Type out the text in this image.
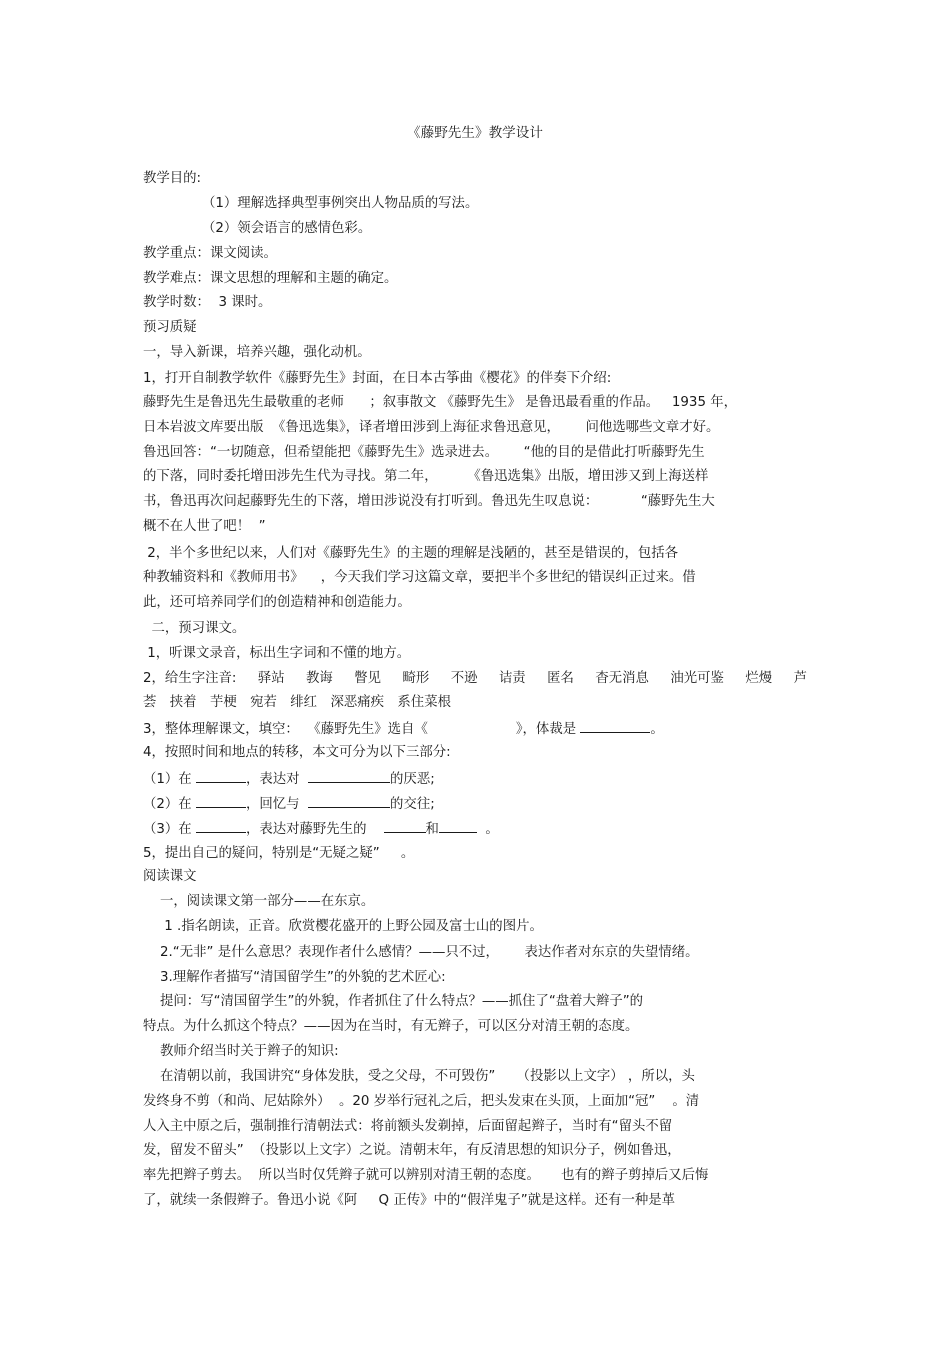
《藤野先生》教学设计
教学目的:
（1）理解选择典型事例突出人物品质的写法。
（2）领会语言的感情色彩。
教学重点：课文阅读。
教学难点：课文思想的理解和主题的确定。
教学时数：  3 课时。
预习质疑
一，导入新课，培养兴趣，强化动机。
1，打开自制教学软件《藤野先生》封面，在日本古筝曲《樱花》的伴奏下介绍:
藤野先生是鲁迅先生最敬重的老师      ；叙事散文 《藤野先生》 是鲁迅最看重的作品。   1935 年，
日本岩波文库要出版  《鲁迅选集》，译者增田涉到上海征求鲁迅意见，      问他选哪些文章才好。
鲁迅回答：“一切随意，但希望能把《藤野先生》选录进去。      “他的目的是借此打听藤野先生
的下落，同时委托增田涉先生代为寻找。第二年，       《鲁迅选集》出版，增田涉又到上海送样
书，鲁迅再次问起藤野先生的下落，增田涉说没有打听到。鲁迅先生叹息说：          “藤野先生大
概不在人世了吧！  ”
2，半个多世纪以来，人们对《藤野先生》的主题的理解是浅陋的，甚至是错误的，包括各
种教辅资料和《教师用书》    ，今天我们学习这篇文章，要把半个多世纪的错误纠正过来。借
此，还可培养同学们的创造精神和创造能力。
二，预习课文。
1，听课文录音，标出生字词和不懂的地方。
2，给生字注音: 驿站 教诲 瞥见 畸形 不逊 诘责 匿名 杳无消息 油光可鉴 烂熳 芦
荟   挟着   芋梗   宛若   绯红   深恶痛疾   系住菜根
3，整体理解课文，填空：  《藤野先生》选自《	》，体裁是	。
4，按照时间和地点的转移，本文可分为以下三部分:
（1）在	，表达对	的厌恶;
（2）在	，回忆与	的交往;
（3）在	，表达对藤野先生的	和	。
5，提出自己的疑问，特别是“无疑之疑”     。
阅读课文
一，阅读课文第一部分——在东京。
1 .指名朗读，正音。欣赏樱花盛开的上野公园及富士山的图片。
2.“无非” 是什么意思？表现作者什么感情？——只不过，      表达作者对东京的失望情绪。
3.理解作者描写“清国留学生”的外貌的艺术匠心:
提问：写“清国留学生”的外貌，作者抓住了什么特点？——抓住了“盘着大辫子”的
特点。为什么抓这个特点？——因为在当时，有无辫子，可以区分对清王朝的态度。
教师介绍当时关于辫子的知识:
在清朝以前，我国讲究“身体发肤，受之父母，不可毁伤”     （投影以上文字） ，所以，头
发终身不剪（和尚、尼姑除外）  。20 岁举行冠礼之后，把头发束在头顶，上面加“冠”    。清
人入主中原之后，强制推行清朝法式：将前额头发剃掉，后面留起辫子，当时有“留头不留
发，留发不留头”  （投影以上文字）之说。清朝末年，有反清思想的知识分子，例如鲁迅，
率先把辫子剪去。  所以当时仅凭辫子就可以辨别对清王朝的态度。     也有的辫子剪掉后又后悔
了，就续一条假辫子。鲁迅小说《阿     Q 正传》中的“假洋鬼子”就是这样。还有一种是革
